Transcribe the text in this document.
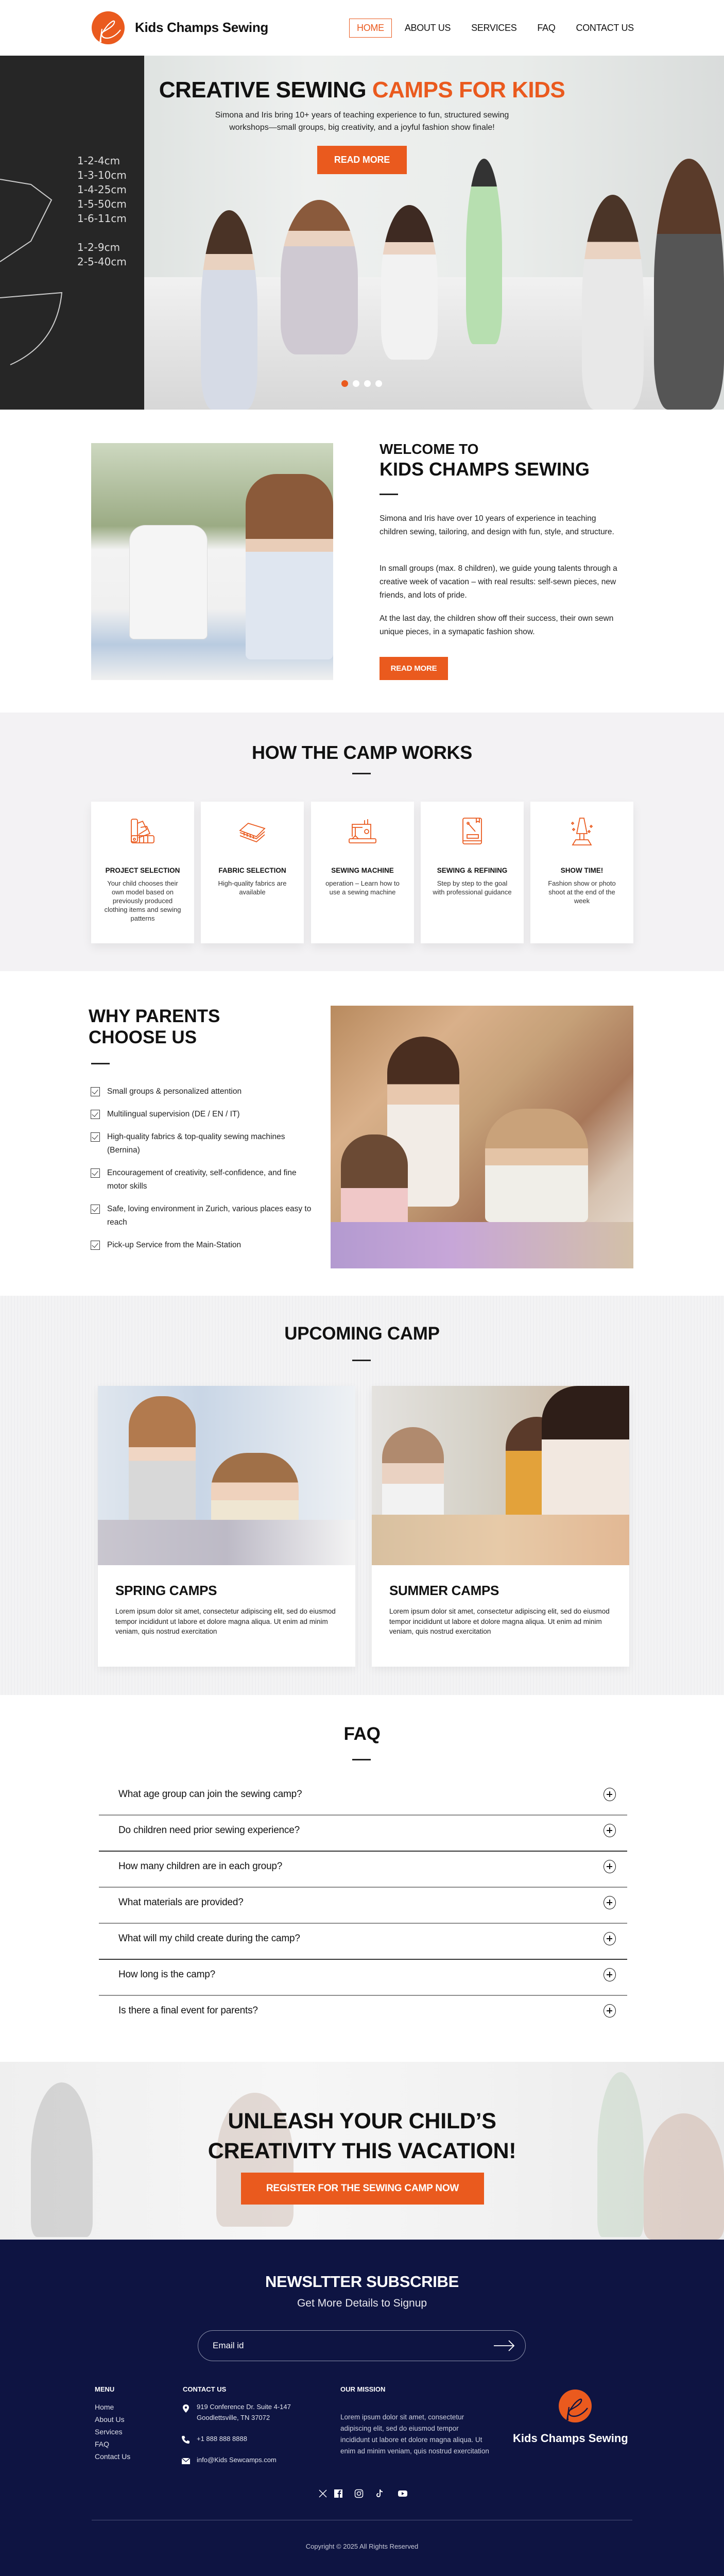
Kids Champs Sewing	HOME	ABOUT US	SERVICES	FAQ	CONTACT US
1-2-4cm
1-3-10cm
1-4-25cm
1-5-50cm
1-6-11cm
1-2-9cm
2-5-40cm
CREATIVE SEWING CAMPS FOR KIDS
Simona and Iris bring 10+ years of teaching experience to fun, structured sewing workshops—small groups, big creativity, and a joyful fashion show finale!
READ MORE
WELCOME TO
KIDS CHAMPS SEWING

Simona and Iris have over 10 years of experience in teaching children sewing, tailoring, and design with fun, style, and structure.

In small groups (max. 8 children), we guide young talents through a creative week of vacation – with real results: self-sewn pieces, new friends, and lots of pride.

At the last day, the children show off their success, their own sewn unique pieces, in a symapatic fashion show.

READ MORE
HOW THE CAMP WORKS
PROJECT SELECTION
Your child chooses their own model based on previously produced clothing items and sewing patterns
FABRIC SELECTION
High-quality fabrics are available
SEWING MACHINE
operation – Learn how to use a sewing machine
SEWING & REFINING
Step by step to the goal with professional guidance
SHOW TIME!
Fashion show or photo shoot at the end of the week
WHY PARENTS
CHOOSE US
Small groups & personalized attention
Multilingual supervision (DE / EN / IT)
High-quality fabrics & top-quality sewing machines (Bernina)
Encouragement of creativity, self-confidence, and fine motor skills
Safe, loving environment in Zurich, various places easy to reach
Pick-up Service from the Main-Station
UPCOMING CAMP
SPRING CAMPS
Lorem ipsum dolor sit amet, consectetur adipiscing elit, sed do eiusmod tempor incididunt ut labore et dolore magna aliqua. Ut enim ad minim veniam, quis nostrud exercitation
SUMMER CAMPS
Lorem ipsum dolor sit amet, consectetur adipiscing elit, sed do eiusmod tempor incididunt ut labore et dolore magna aliqua. Ut enim ad minim veniam, quis nostrud exercitation
FAQ
What age group can join the sewing camp?
Do children need prior sewing experience?
How many children are in each group?
What materials are provided?
What will my child create during the camp?
How long is the camp?
Is there a final event for parents?
UNLEASH YOUR CHILD’S
CREATIVITY THIS VACATION!
REGISTER FOR THE SEWING CAMP NOW
NEWSLTTER SUBSCRIBE
Get More Details to Signup
Email id
MENU
Home
About Us
Services
FAQ
Contact Us
CONTACT US
919 Conference Dr. Suite 4-147
Goodlettsville, TN 37072
+1 888 888 8888
info@Kids Sewcamps.com
OUR MISSION
Lorem ipsum dolor sit amet, consectetur adipiscing elit, sed do eiusmod tempor incididunt ut labore et dolore magna aliqua. Ut enim ad minim veniam, quis nostrud exercitation
Kids Champs Sewing
Copyright © 2025 All Rights Reserved
